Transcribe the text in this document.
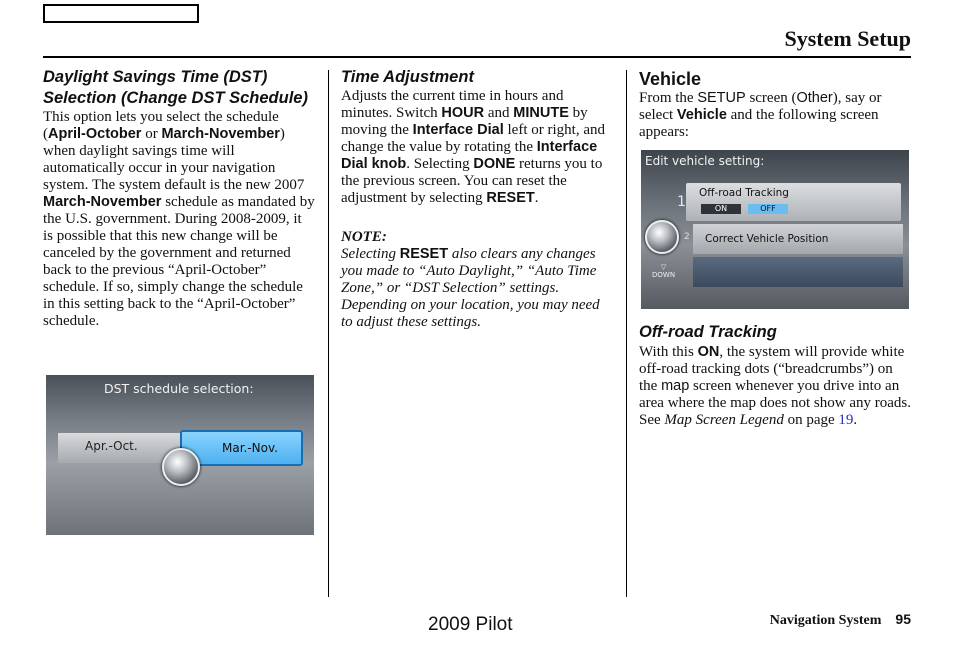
System Setup
Daylight Savings Time (DST) Selection (Change DST Schedule)

This option lets you select the schedule (April-October or March-November) when daylight savings time will automatically occur in your navigation system. The system default is the new 2007 March-November schedule as mandated by the U.S. government. During 2008-2009, it is possible that this new change will be canceled by the government and returned back to the previous “April-October” schedule. If so, simply change the schedule in this setting back to the “April-October” schedule.

DST schedule selection:
Apr.-Oct.	Mar.-Nov.
Time Adjustment

Adjusts the current time in hours and minutes. Switch HOUR and MINUTE by moving the Interface Dial left or right, and change the value by rotating the Interface Dial knob. Selecting DONE returns you to the previous screen. You can reset the adjustment by selecting RESET.

NOTE:

Selecting RESET also clears any changes you made to “Auto Daylight,” “Auto Time Zone,” or “DST Selection” settings. Depending on your location, you may need to adjust these settings.

Vehicle

From the SETUP screen (Other), say or select Vehicle and the following screen appears:

Edit vehicle setting:
Off-road Tracking
ON	OFF
Correct Vehicle Position
1
2
▽
DOWN
Off-road Tracking

With this ON, the system will provide white off-road tracking dots (“breadcrumbs”) on the map screen whenever you drive into an area where the map does not show any roads. See Map Screen Legend on page 19.

2009 Pilot	Navigation System 95
